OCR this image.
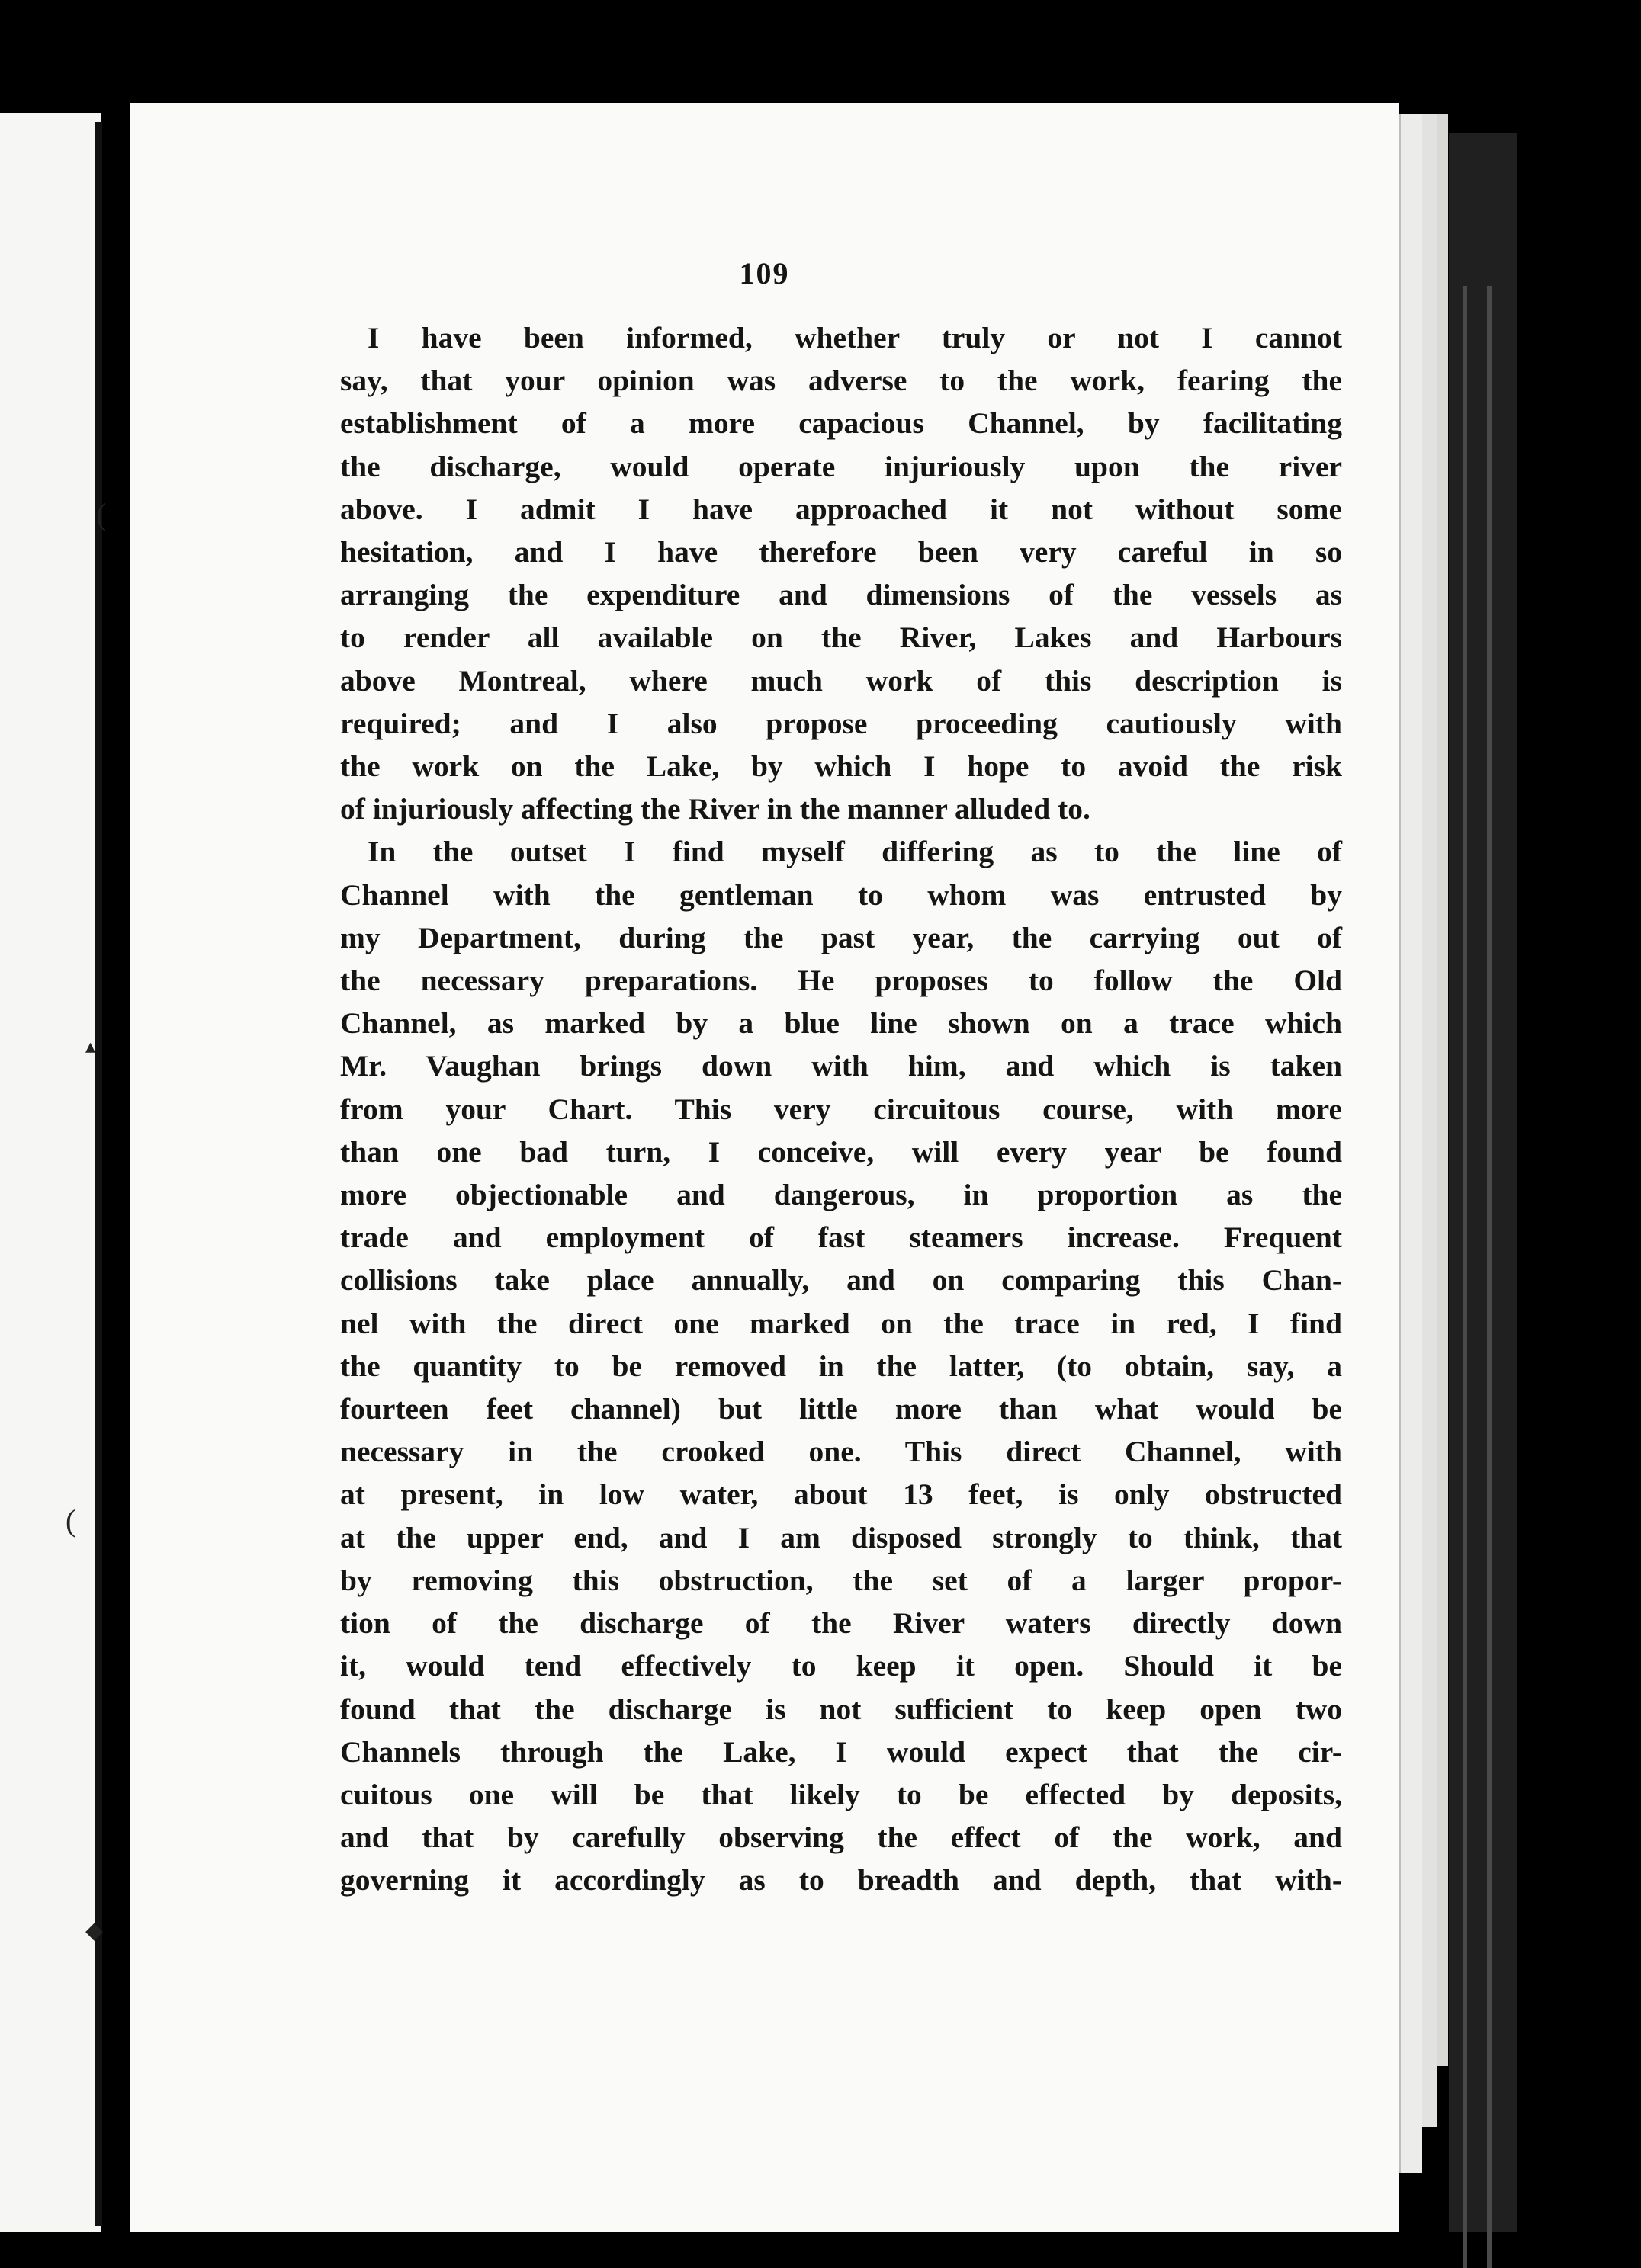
109

I have been informed, whether truly or not I cannot
say, that your opinion was adverse to the work, fearing the
establishment of a more capacious Channel, by facilitating
the discharge, would operate injuriously upon the river
above. I admit I have approached it not without some
hesitation, and I have therefore been very careful in so
arranging the expenditure and dimensions of the vessels as
to render all available on the River, Lakes and Harbours
above Montreal, where much work of this description is
required; and I also propose proceeding cautiously with
the work on the Lake, by which I hope to avoid the risk
of injuriously affecting the River in the manner alluded to.

In the outset I find myself differing as to the line of
Channel with the gentleman to whom was entrusted by
my Department, during the past year, the carrying out of
the necessary preparations. He proposes to follow the Old
Channel, as marked by a blue line shown on a trace which
Mr. Vaughan brings down with him, and which is taken
from your Chart. This very circuitous course, with more
than one bad turn, I conceive, will every year be found
more objectionable and dangerous, in proportion as the
trade and employment of fast steamers increase. Frequent
collisions take place annually, and on comparing this Chan-
nel with the direct one marked on the trace in red, I find
the quantity to be removed in the latter, (to obtain, say, a
fourteen feet channel) but little more than what would be
necessary in the crooked one. This direct Channel, with
at present, in low water, about 13 feet, is only obstructed
at the upper end, and I am disposed strongly to think, that
by removing this obstruction, the set of a larger propor-
tion of the discharge of the River waters directly down
it, would tend effectively to keep it open. Should it be
found that the discharge is not sufficient to keep open two
Channels through the Lake, I would expect that the cir-
cuitous one will be that likely to be effected by deposits,
and that by carefully observing the effect of the work, and
governing it accordingly as to breadth and depth, that with-

(
▴
(
◆
